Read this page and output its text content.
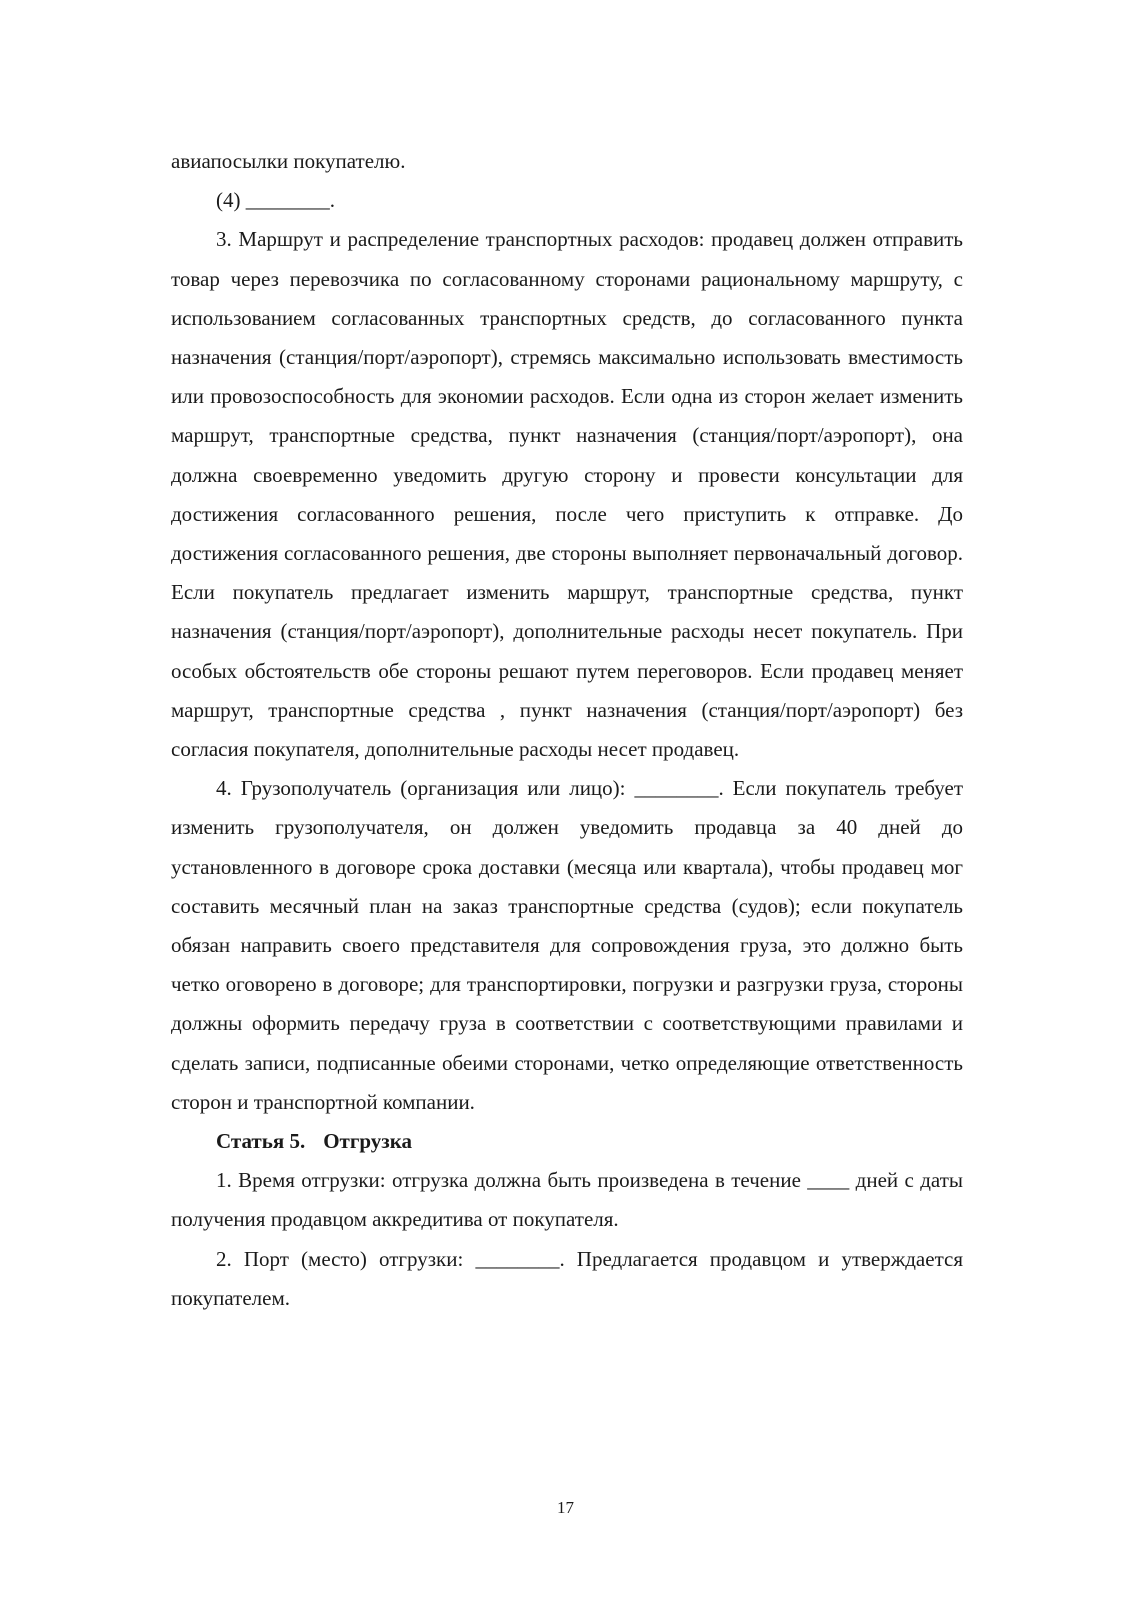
авиапосылки покупателю.

(4) ________.

3. Маршрут и распределение транспортных расходов: продавец должен отправить товар через перевозчика по согласованному сторонами рациональному маршруту, с использованием согласованных транспортных средств, до согласованного пункта назначения (станция/порт/аэропорт), стремясь максимально использовать вместимость или провозоспособность для экономии расходов. Если одна из сторон желает изменить маршрут, транспортные средства, пункт назначения (станция/порт/аэропорт), она должна своевременно уведомить другую сторону и провести консультации для достижения согласованного решения, после чего приступить к отправке. До достижения согласованного решения, две стороны выполняет первоначальный договор. Если покупатель предлагает изменить маршрут, транспортные средства, пункт назначения (станция/порт/аэропорт), дополнительные расходы несет покупатель. При особых обстоятельств обе стороны решают путем переговоров. Если продавец меняет маршрут, транспортные средства , пункт назначения (станция/порт/аэропорт) без согласия покупателя, дополнительные расходы несет продавец.

4. Грузополучатель (организация или лицо): ________. Если покупатель требует изменить грузополучателя, он должен уведомить продавца за 40 дней до установленного в договоре срока доставки (месяца или квартала), чтобы продавец мог составить месячный план на заказ транспортные средства (судов); если покупатель обязан направить своего представителя для сопровождения груза, это должно быть четко оговорено в договоре; для транспортировки, погрузки и разгрузки груза, стороны должны оформить передачу груза в соответствии с соответствующими правилами и сделать записи, подписанные обеими сторонами, четко определяющие ответственность сторон и транспортной компании.

Статья 5. Отгрузка

1. Время отгрузки: отгрузка должна быть произведена в течение ____ дней с даты получения продавцом аккредитива от покупателя.

2. Порт (место) отгрузки: ________. Предлагается продавцом и утверждается покупателем.

17
